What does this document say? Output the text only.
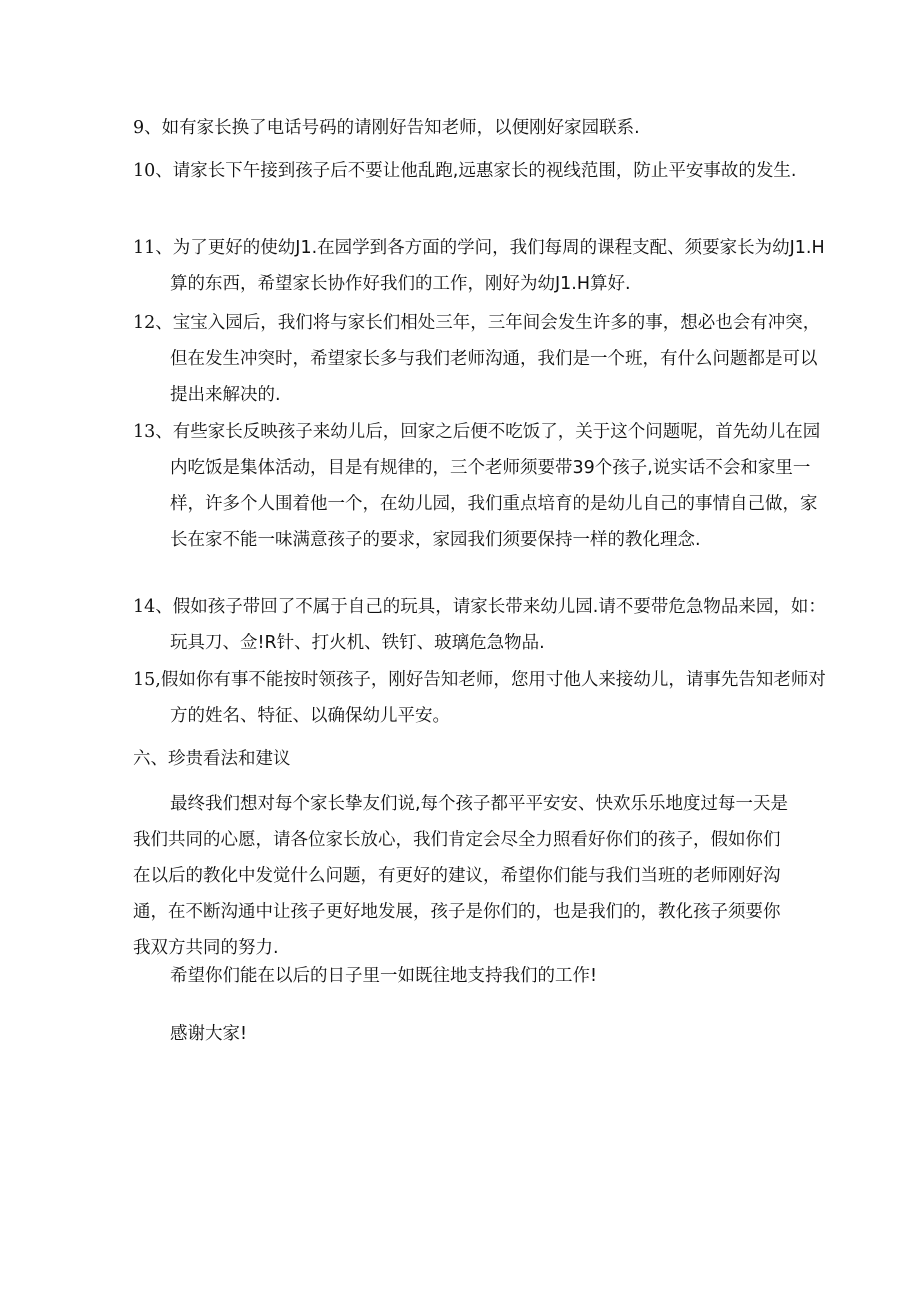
9、如有家长换了电话号码的请刚好告知老师，以便刚好家园联系.
10、请家长下午接到孩子后不要让他乱跑,远惠家长的视线范围，防止平安事故的发生.
11、为了更好的使幼J1.在园学到各方面的学问，我们每周的课程支配、须要家长为幼J1.H算的东西，希望家长协作好我们的工作，刚好为幼J1.H算好.
12、宝宝入园后，我们将与家长们相处三年，三年间会发生许多的事，想必也会有冲突，但在发生冲突时，希望家长多与我们老师沟通，我们是一个班，有什么问题都是可以提出来解决的.
13、有些家长反映孩子来幼儿后，回家之后便不吃饭了，关于这个问题呢，首先幼儿在园内吃饭是集体活动，目是有规律的，三个老师须要带39个孩子,说实话不会和家里一样，许多个人围着他一个，在幼儿园，我们重点培育的是幼儿自己的事情自己做，家长在家不能一味满意孩子的要求，家园我们须要保持一样的教化理念.
14、假如孩子带回了不属于自己的玩具，请家长带来幼儿园.请不要带危急物品来园，如：玩具刀、佥!R针、打火机、铁钉、玻璃危急物品.
15,假如你有事不能按时领孩子，刚好告知老师，您用寸他人来接幼儿，请事先告知老师对方的姓名、特征、以确保幼儿平安。
六、珍贵看法和建议
最终我们想对每个家长挚友们说,每个孩子都平平安安、快欢乐乐地度过每一天是我们共同的心愿，请各位家长放心，我们肯定会尽全力照看好你们的孩子，假如你们在以后的教化中发觉什么问题，有更好的建议，希望你们能与我们当班的老师刚好沟通，在不断沟通中让孩子更好地发展，孩子是你们的，也是我们的，教化孩子须要你我双方共同的努力.
希望你们能在以后的日子里一如既往地支持我们的工作!
感谢大家!
